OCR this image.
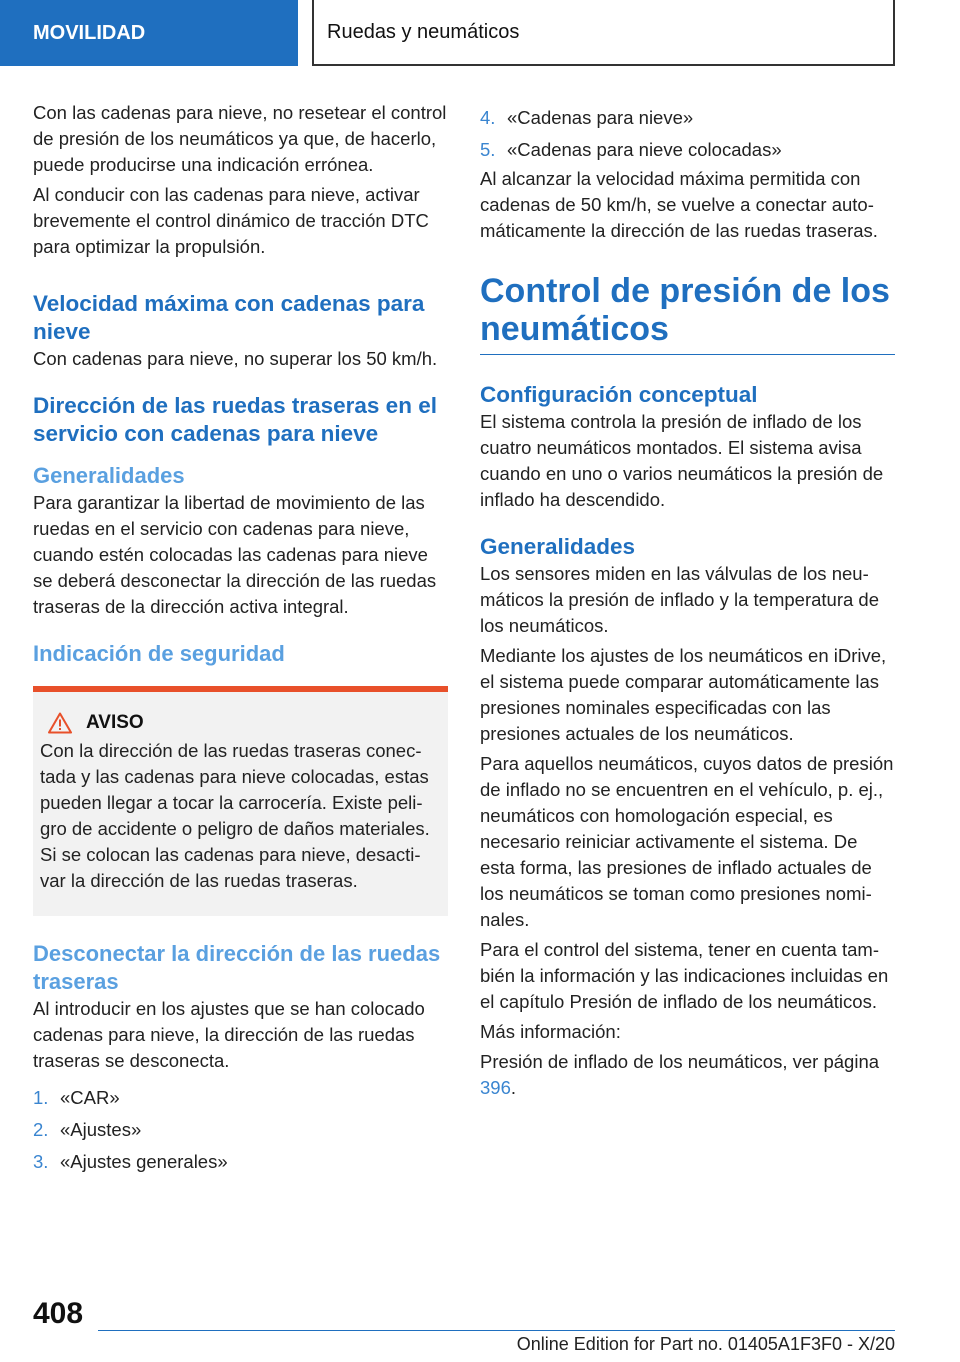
MOVILIDAD	Ruedas y neumáticos

Con las cadenas para nieve, no resetear el control de presión de los neumáticos ya que, de hacerlo, puede producirse una indicación errónea.

Al conducir con las cadenas para nieve, activar brevemente el control dinámico de tracción DTC para optimizar la propulsión.

Velocidad máxima con cadenas para nieve

Con cadenas para nieve, no superar los 50 km/h.

Dirección de las ruedas traseras en el servicio con cadenas para nieve
Generalidades

Para garantizar la libertad de movimiento de las ruedas en el servicio con cadenas para nieve, cuando estén colocadas las cadenas para nieve se deberá desconectar la dirección de las ruedas traseras de la dirección activa integral.

Indicación de seguridad
AVISO

Con la dirección de las ruedas traseras conectada y las cadenas para nieve colocadas, estas pueden llegar a tocar la carrocería. Existe peligro de accidente o peligro de daños materiales. Si se colocan las cadenas para nieve, desactivar la dirección de las ruedas traseras.

Desconectar la dirección de las ruedas traseras

Al introducir en los ajustes que se han colocado cadenas para nieve, la dirección de las ruedas traseras se desconecta.

1. «CAR»
2. «Ajustes»
3. «Ajustes generales»
4. «Cadenas para nieve»
5. «Cadenas para nieve colocadas»

Al alcanzar la velocidad máxima permitida con cadenas de 50 km/h, se vuelve a conectar automáticamente la dirección de las ruedas traseras.

Control de presión de los neumáticos
Configuración conceptual

El sistema controla la presión de inflado de los cuatro neumáticos montados. El sistema avisa cuando en uno o varios neumáticos la presión de inflado ha descendido.

Generalidades

Los sensores miden en las válvulas de los neumáticos la presión de inflado y la temperatura de los neumáticos.

Mediante los ajustes de los neumáticos en iDrive, el sistema puede comparar automáticamente las presiones nominales especificadas con las presiones actuales de los neumáticos.

Para aquellos neumáticos, cuyos datos de presión de inflado no se encuentren en el vehículo, p. ej., neumáticos con homologación especial, es necesario reiniciar activamente el sistema. De esta forma, las presiones de inflado actuales de los neumáticos se toman como presiones nominales.

Para el control del sistema, tener en cuenta también la información y las indicaciones incluidas en el capítulo Presión de inflado de los neumáticos.

Más información:

Presión de inflado de los neumáticos, ver página 396.

408
Online Edition for Part no. 01405A1F3F0 - X/20
